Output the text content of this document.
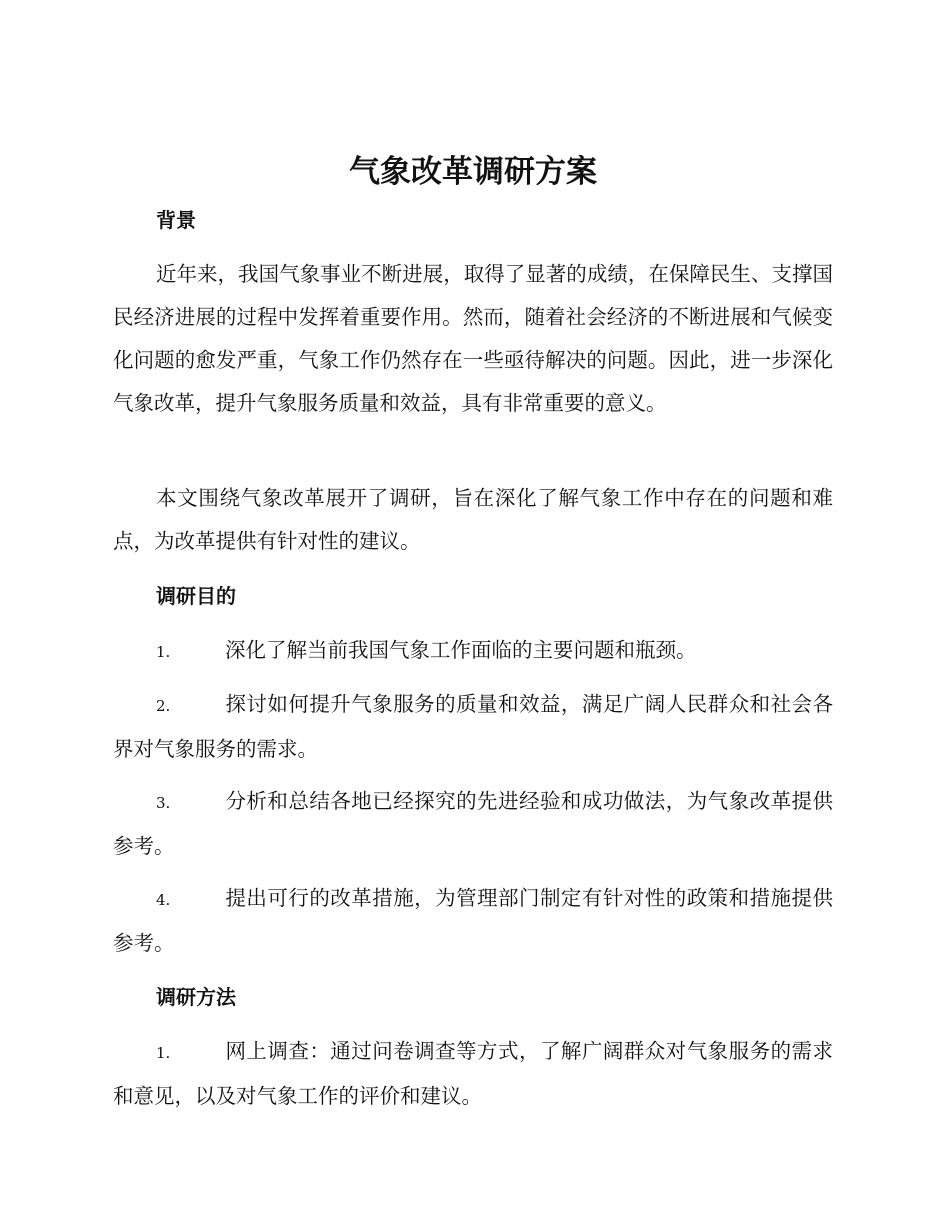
气象改革调研方案
背景

近年来，我国气象事业不断进展，取得了显著的成绩，在保障民生、支撑国民经济进展的过程中发挥着重要作用。然而，随着社会经济的不断进展和气候变化问题的愈发严重，气象工作仍然存在一些亟待解决的问题。因此，进一步深化气象改革，提升气象服务质量和效益，具有非常重要的意义。

本文围绕气象改革展开了调研，旨在深化了解气象工作中存在的问题和难点，为改革提供有针对性的建议。

调研目的

1.	深化了解当前我国气象工作面临的主要问题和瓶颈。

2.	探讨如何提升气象服务的质量和效益，满足广阔人民群众和社会各界对气象服务的需求。

3.	分析和总结各地已经探究的先进经验和成功做法，为气象改革提供参考。

4.	提出可行的改革措施，为管理部门制定有针对性的政策和措施提供参考。

调研方法

1.	网上调查：通过问卷调查等方式，了解广阔群众对气象服务的需求和意见，以及对气象工作的评价和建议。
